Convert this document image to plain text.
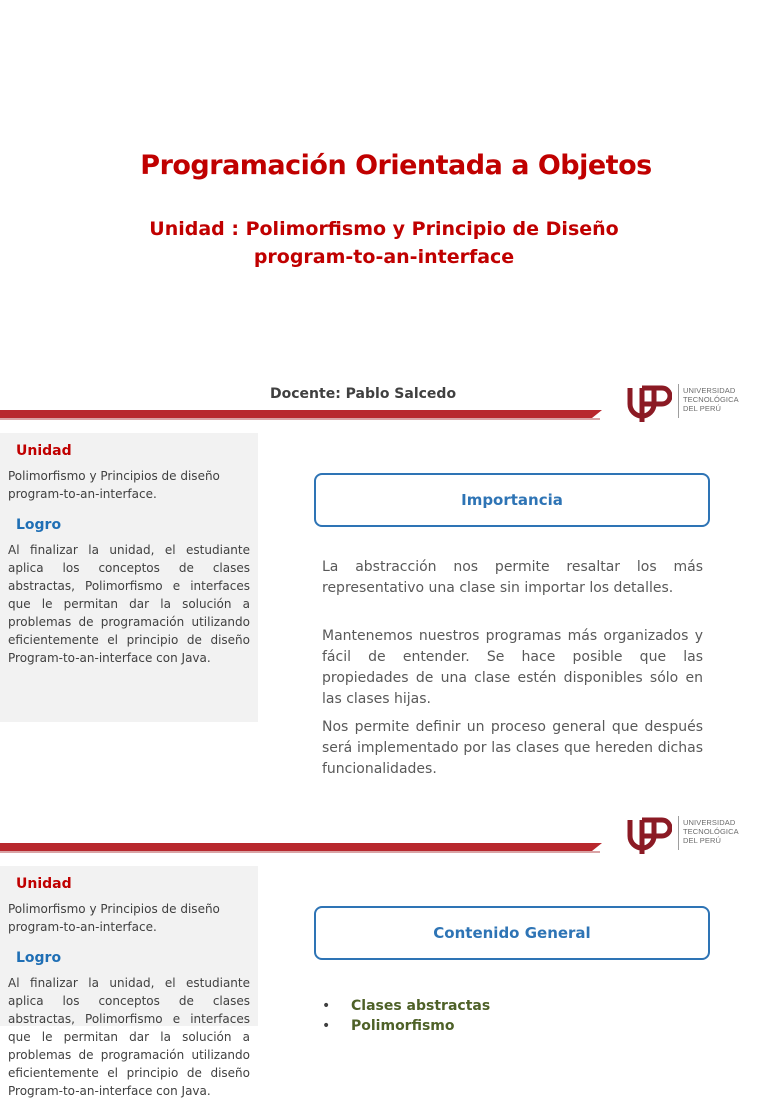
Programación Orientada a Objetos
Unidad : Polimorfismo y Principio de Diseño
program-to-an-interface
Docente: Pablo Salcedo	UNIVERSIDAD
TECNOLÓGICA
DEL PERÚ
Unidad
Polimorfismo y Principios de diseño
program-to-an-interface.
Logro
Al finalizar la unidad, el estudiante aplica los conceptos de clases abstractas, Polimorfismo e interfaces que le permitan dar la solución a problemas de programación utilizando eficientemente el principio de diseño Program-to-an-interface con Java.
Importancia
La abstracción nos permite resaltar los más representativo una clase sin importar los detalles.
Mantenemos nuestros programas más organizados y fácil de entender. Se hace posible que las propiedades de una clase estén disponibles sólo en las clases hijas.
Nos permite definir un proceso general que después será implementado por las clases que hereden dichas funcionalidades.
UNIVERSIDAD
TECNOLÓGICA
DEL PERÚ
Unidad
Polimorfismo y Principios de diseño
program-to-an-interface.
Logro
Al finalizar la unidad, el estudiante aplica los conceptos de clases abstractas, Polimorfismo e interfaces que le permitan dar la solución a problemas de programación utilizando eficientemente el principio de diseño Program-to-an-interface con Java.
Contenido General
• Clases abstractas
• Polimorfismo
